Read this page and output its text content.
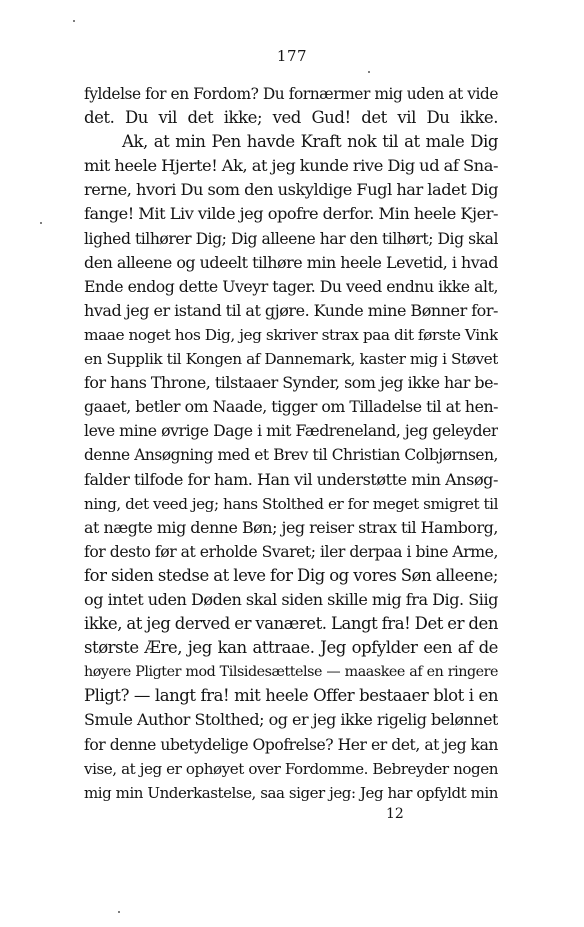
177
fyldelse for en Fordom? Du fornærmer mig uden at vide
det. Du vil det ikke; ved Gud! det vil Du ikke.
Ak, at min Pen havde Kraft nok til at male Dig
mit heele Hjerte! Ak, at jeg kunde rive Dig ud af Sna-
rerne, hvori Du som den uskyldige Fugl har ladet Dig
fange! Mit Liv vilde jeg opofre derfor. Min heele Kjer-
lighed tilhører Dig; Dig alleene har den tilhørt; Dig skal
den alleene og udeelt tilhøre min heele Levetid, i hvad
Ende endog dette Uveyr tager. Du veed endnu ikke alt,
hvad jeg er istand til at gjøre. Kunde mine Bønner for-
maae noget hos Dig, jeg skriver strax paa dit første Vink
en Supplik til Kongen af Dannemark, kaster mig i Støvet
for hans Throne, tilstaaer Synder, som jeg ikke har be-
gaaet, betler om Naade, tigger om Tilladelse til at hen-
leve mine øvrige Dage i mit Fædreneland, jeg geleyder
denne Ansøgning med et Brev til Christian Colbjørnsen,
falder tilfode for ham. Han vil understøtte min Ansøg-
ning, det veed jeg; hans Stolthed er for meget smigret til
at nægte mig denne Bøn; jeg reiser strax til Hamborg,
for desto før at erholde Svaret; iler derpaa i bine Arme,
for siden stedse at leve for Dig og vores Søn alleene;
og intet uden Døden skal siden skille mig fra Dig. Siig
ikke, at jeg derved er vanæret. Langt fra! Det er den
største Ære, jeg kan attraae. Jeg opfylder een af de
høyere Pligter mod Tilsidesættelse — maaskee af en ringere
Pligt? — langt fra! mit heele Offer bestaaer blot i en
Smule Author Stolthed; og er jeg ikke rigelig belønnet
for denne ubetydelige Opofrelse? Her er det, at jeg kan
vise, at jeg er ophøyet over Fordomme. Bebreyder nogen
mig min Underkastelse, saa siger jeg: Jeg har opfyldt min
12
